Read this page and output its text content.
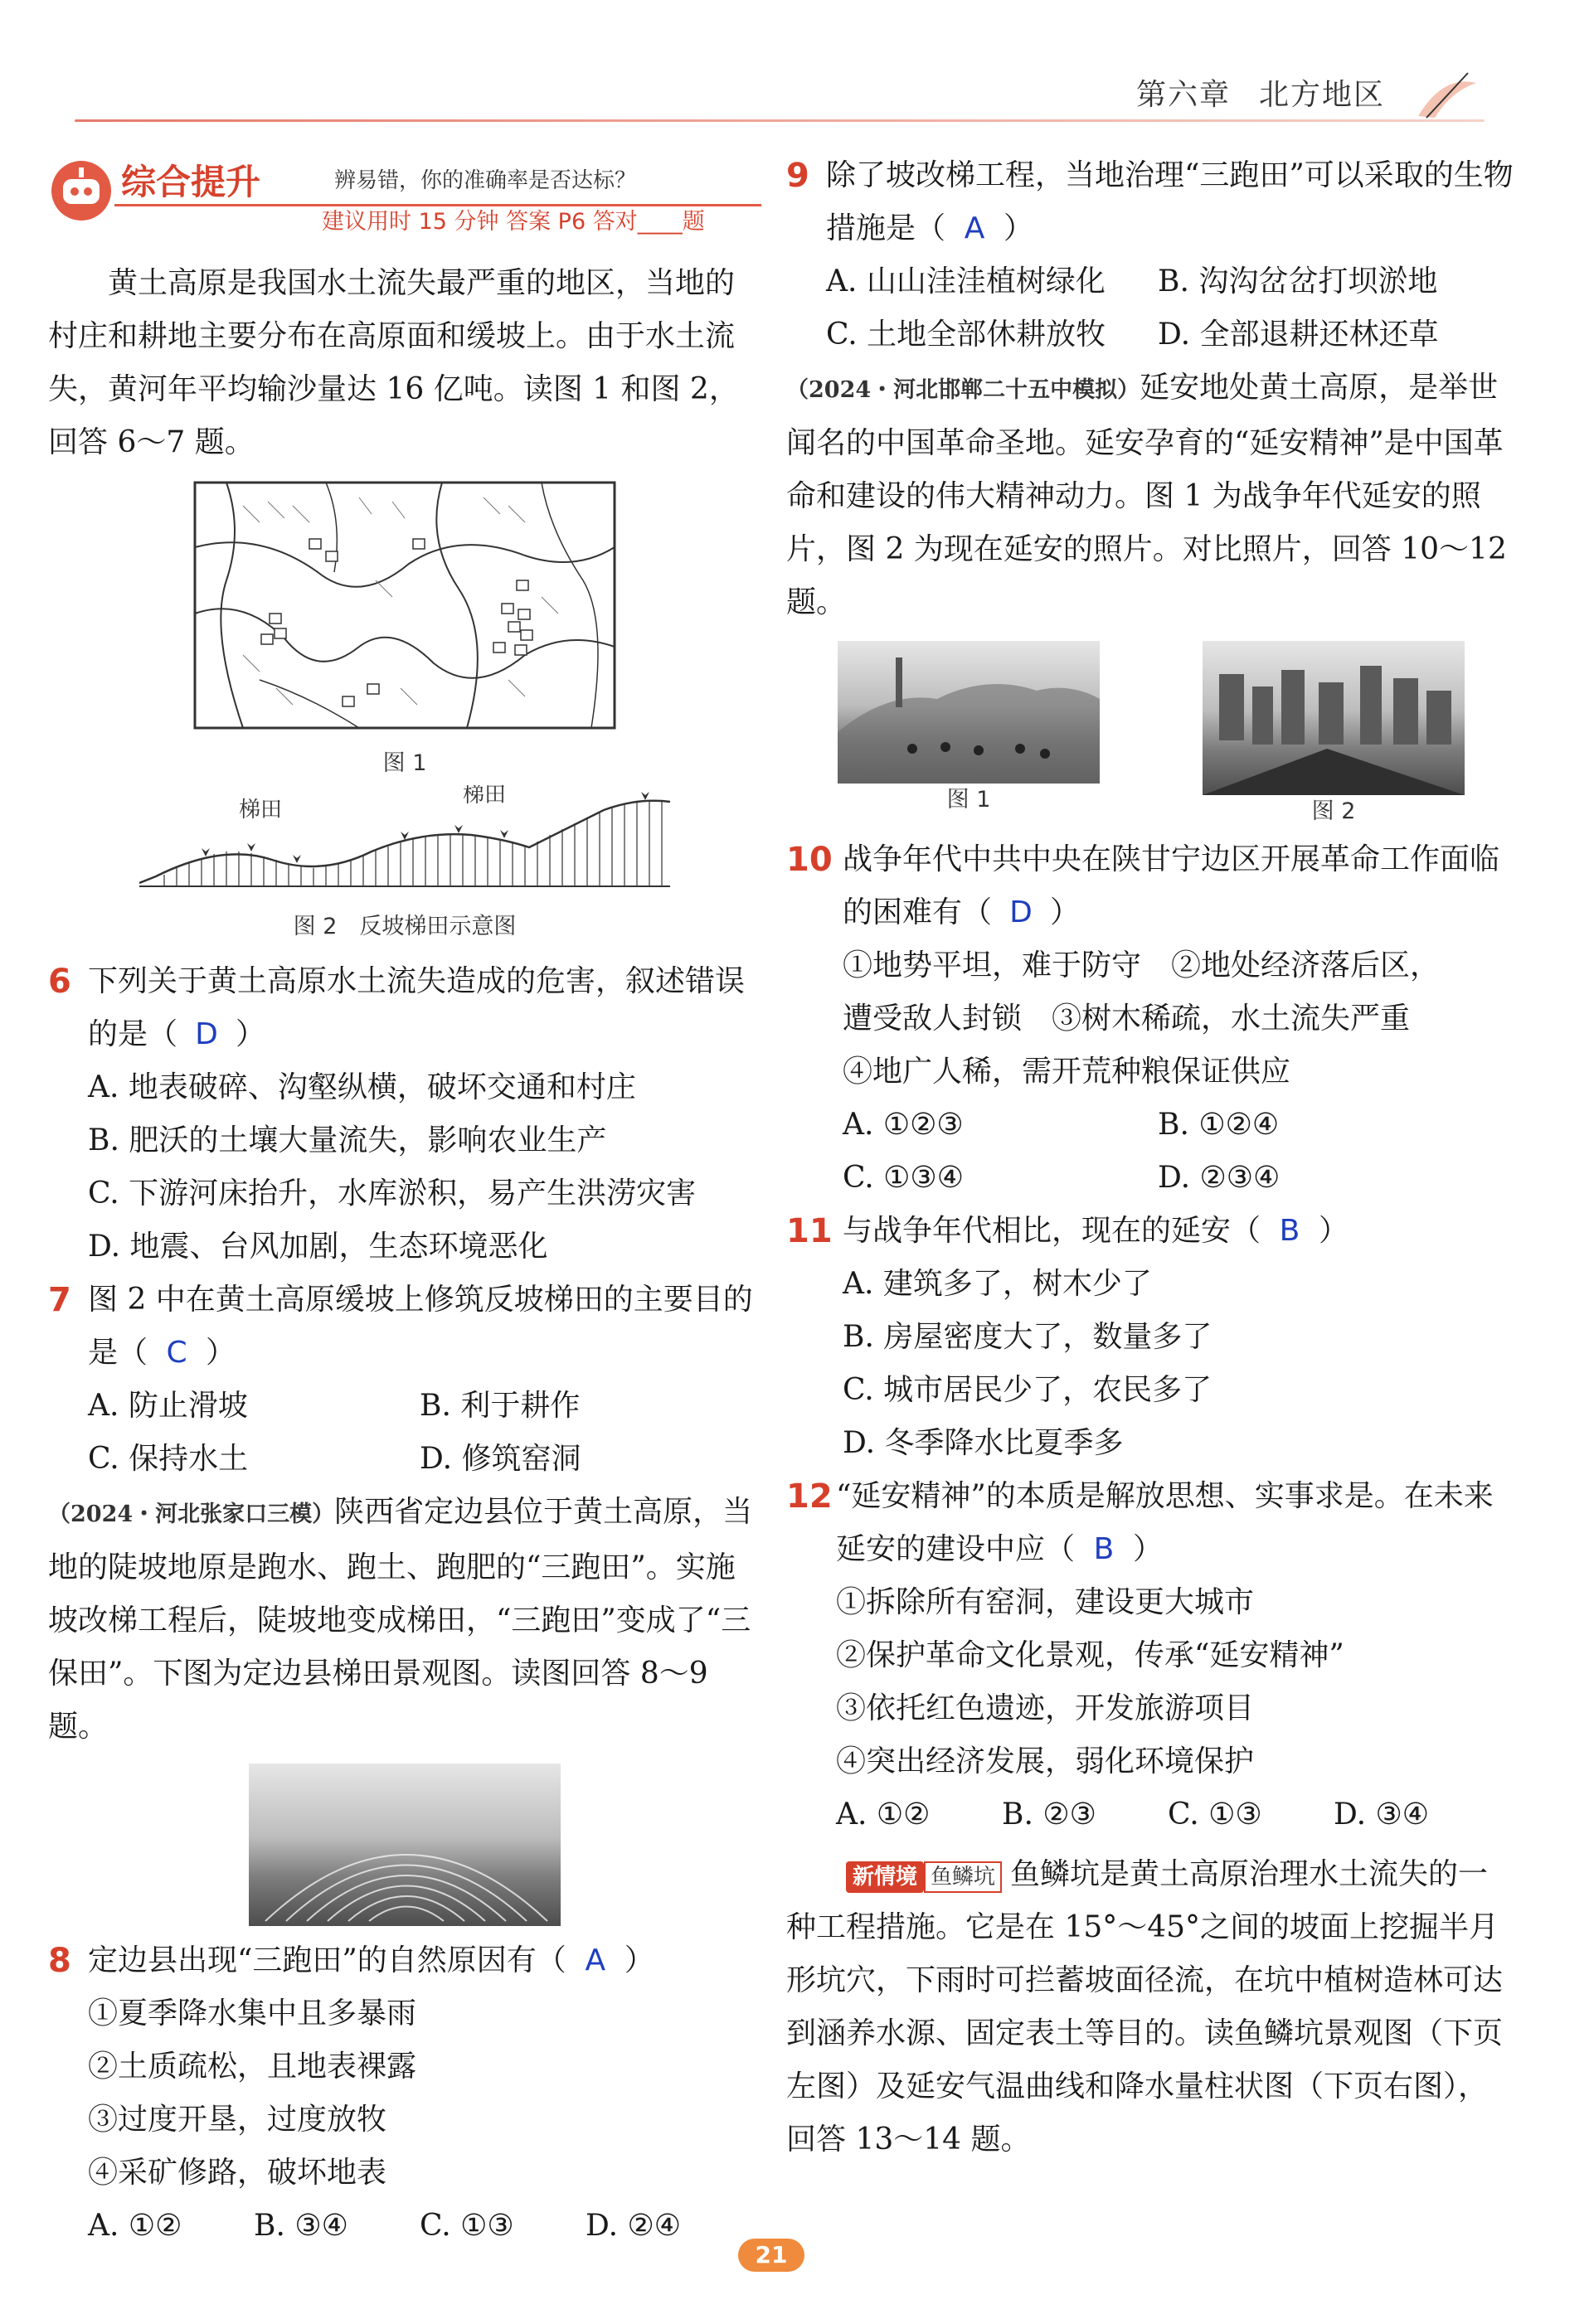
第六章 北方地区
综合提升	辨易错，你的准确率是否达标？
建议用时 15 分钟 答案 P6 答对____题

黄土高原是我国水土流失最严重的地区，当地的村庄和耕地主要分布在高原面和缓坡上。由于水土流失，黄河年平均输沙量达 16 亿吨。读图 1 和图 2，回答 6～7 题。

图 1
梯田
梯田
图 2　反坡梯田示意图
6 下列关于黄土高原水土流失造成的危害，叙述错误的是（ D ）

A. 地表破碎、沟壑纵横，破坏交通和村庄

B. 肥沃的土壤大量流失，影响农业生产

C. 下游河床抬升，水库淤积，易产生洪涝灾害

D. 地震、台风加剧，生态环境恶化

7 图 2 中在黄土高原缓坡上修筑反坡梯田的主要目的是（ C ）

A. 防止滑坡	B. 利于耕作

C. 保持水土	D. 修筑窑洞

（2024・河北张家口三模）陕西省定边县位于黄土高原，当地的陡坡地原是跑水、跑土、跑肥的“三跑田”。实施坡改梯工程后，陡坡地变成梯田，“三跑田”变成了“三保田”。下图为定边县梯田景观图。读图回答 8～9 题。

8 定边县出现“三跑田”的自然原因有（ A ）

①夏季降水集中且多暴雨

②土质疏松，且地表裸露

③过度开垦，过度放牧

④采矿修路，破坏地表

A. ①②	B. ③④	C. ①③	D. ②④

9 除了坡改梯工程，当地治理“三跑田”可以采取的生物措施是（ A ）

A. 山山洼洼植树绿化	B. 沟沟岔岔打坝淤地

C. 土地全部休耕放牧	D. 全部退耕还林还草

（2024・河北邯郸二十五中模拟）延安地处黄土高原，是举世闻名的中国革命圣地。延安孕育的“延安精神”是中国革命和建设的伟大精神动力。图 1 为战争年代延安的照片，图 2 为现在延安的照片。对比照片，回答 10～12 题。

图 1	图 2
10 战争年代中共中央在陕甘宁边区开展革命工作面临的困难有（ D ）

①地势平坦，难于防守　②地处经济落后区，

遭受敌人封锁　③树木稀疏，水土流失严重

④地广人稀，需开荒种粮保证供应

A. ①②③	B. ①②④

C. ①③④	D. ②③④

11 与战争年代相比，现在的延安（ B ）

A. 建筑多了，树木少了

B. 房屋密度大了，数量多了

C. 城市居民少了，农民多了

D. 冬季降水比夏季多

12 “延安精神”的本质是解放思想、实事求是。在未来延安的建设中应（ B ）

①拆除所有窑洞，建设更大城市

②保护革命文化景观，传承“延安精神”

③依托红色遗迹，开发旅游项目

④突出经济发展，弱化环境保护

A. ①②	B. ②③	C. ①③	D. ③④

新情境 鱼鳞坑 鱼鳞坑是黄土高原治理水土流失的一种工程措施。它是在 15°～45°之间的坡面上挖掘半月形坑穴，下雨时可拦蓄坡面径流，在坑中植树造林可达到涵养水源、固定表土等目的。读鱼鳞坑景观图（下页左图）及延安气温曲线和降水量柱状图（下页右图），回答 13～14 题。

21
